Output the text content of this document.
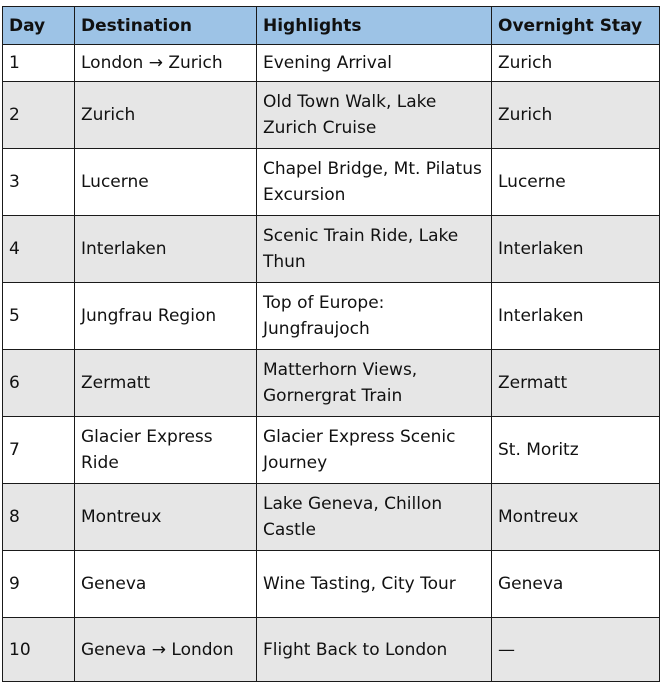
Day	Destination	Highlights	Overnight Stay
1	London → Zurich	Evening Arrival	Zurich
2	Zurich	Old Town Walk, Lake Zurich Cruise	Zurich
3	Lucerne	Chapel Bridge, Mt. Pilatus Excursion	Lucerne
4	Interlaken	Scenic Train Ride, Lake Thun	Interlaken
5	Jungfrau Region	Top of Europe: Jungfraujoch	Interlaken
6	Zermatt	Matterhorn Views, Gornergrat Train	Zermatt
7	Glacier Express Ride	Glacier Express Scenic Journey	St. Moritz
8	Montreux	Lake Geneva, Chillon Castle	Montreux
9	Geneva	Wine Tasting, City Tour	Geneva
10	Geneva → London	Flight Back to London	—
